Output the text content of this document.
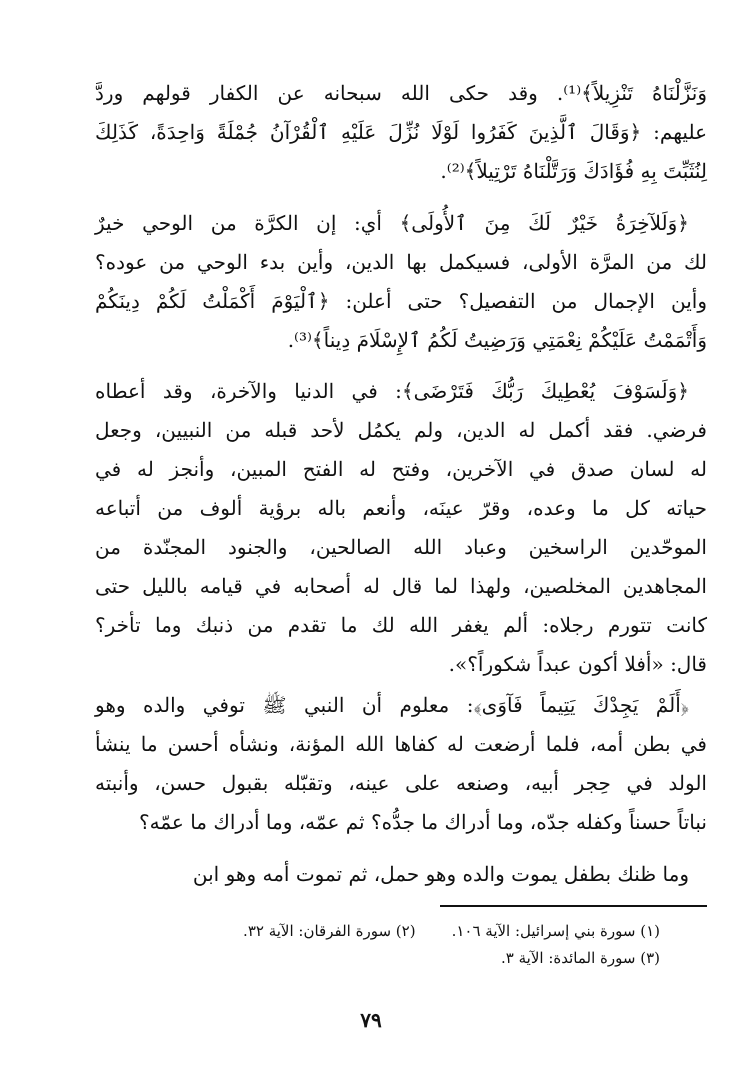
وَنَزَّلْنَاهُ تَنْزِيلاً﴾⁽¹⁾. وقد حكى الله سبحانه عن الكفار قولهم وردَّ
عليهم: ﴿وَقَالَ ٱلَّذِينَ كَفَرُوا لَوْلَا نُزِّلَ عَلَيْهِ ٱلْقُرْآنُ جُمْلَةً وَاحِدَةً، كَذَلِكَ
لِنُثَبِّتَ بِهِ فُؤَادَكَ وَرَتَّلْنَاهُ تَرْتِيلاً﴾⁽²⁾.
﴿وَلَلآخِرَةُ خَيْرٌ لَكَ مِنَ ٱلأُولَى﴾ أي: إن الكرَّة من الوحي خيرٌ
لك من المرَّة الأولى، فسيكمل بها الدين، وأين بدء الوحي من عوده؟
وأين الإجمال من التفصيل؟ حتى أعلن: ﴿ٱلْيَوْمَ أَكْمَلْتُ لَكُمْ دِينَكُمْ
وَأَتْمَمْتُ عَلَيْكُمْ نِعْمَتِي وَرَضِيتُ لَكُمُ ٱلإِسْلَامَ دِيناً﴾⁽³⁾.
﴿وَلَسَوْفَ يُعْطِيكَ رَبُّكَ فَتَرْضَى﴾: في الدنيا والآخرة، وقد أعطاه
فرضي. فقد أكمل له الدين، ولم يكمُل لأحد قبله من النبيين، وجعل
له لسان صدق في الآخرين، وفتح له الفتح المبين، وأنجز له في
حياته كل ما وعده، وقرّ عينَه، وأنعم باله برؤية ألوف من أتباعه
الموحّدين الراسخين وعباد الله الصالحين، والجنود المجنّدة من
المجاهدين المخلصين، ولهذا لما قال له أصحابه في قيامه بالليل حتى
كانت تتورم رجلاه: ألم يغفر الله لك ما تقدم من ذنبك وما تأخر؟
قال: «أفلا أكون عبداً شكوراً؟».
﴿أَلَمْ يَجِدْكَ يَتِيماً فَآوَى﴾: معلوم أن النبي ﷺ توفي والده وهو
في بطن أمه، فلما أرضعت له كفاها الله المؤنة، ونشأه أحسن ما ينشأ
الولد في حِجر أبيه، وصنعه على عينه، وتقبّله بقبول حسن، وأنبته
نباتاً حسناً وكفله جدّه، وما أدراك ما جدُّه؟ ثم عمّه، وما أدراك ما عمّه؟
وما ظنك بطفل يموت والده وهو حمل، ثم تموت أمه وهو ابن
(١) سورة بني إسرائيل: الآية ١٠٦.
(٢) سورة الفرقان: الآية ٣٢.
(٣) سورة المائدة: الآية ٣.
٧٩
